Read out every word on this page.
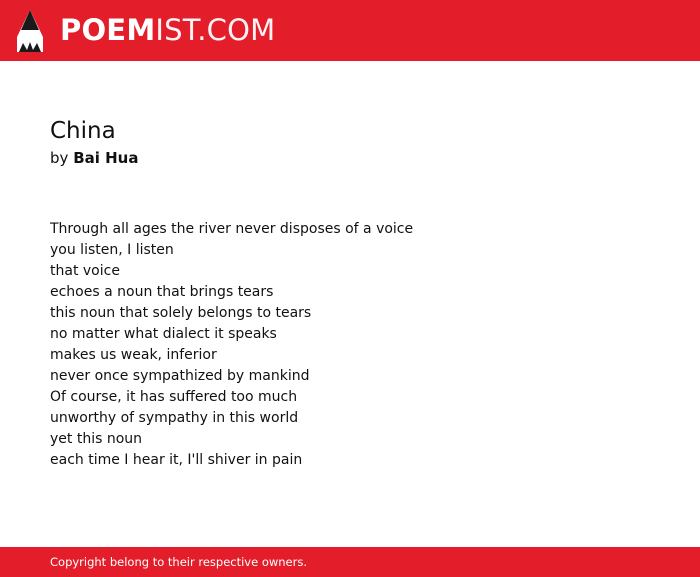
POEMIST.COM
China
by Bai Hua
Through all ages the river never disposes of a voice
you listen, I listen
that voice
echoes a noun that brings tears
this noun that solely belongs to tears
no matter what dialect it speaks
makes us weak, inferior
never once sympathized by mankind
Of course, it has suffered too much
unworthy of sympathy in this world
yet this noun
each time I hear it, I'll shiver in pain
Copyright belong to their respective owners.
